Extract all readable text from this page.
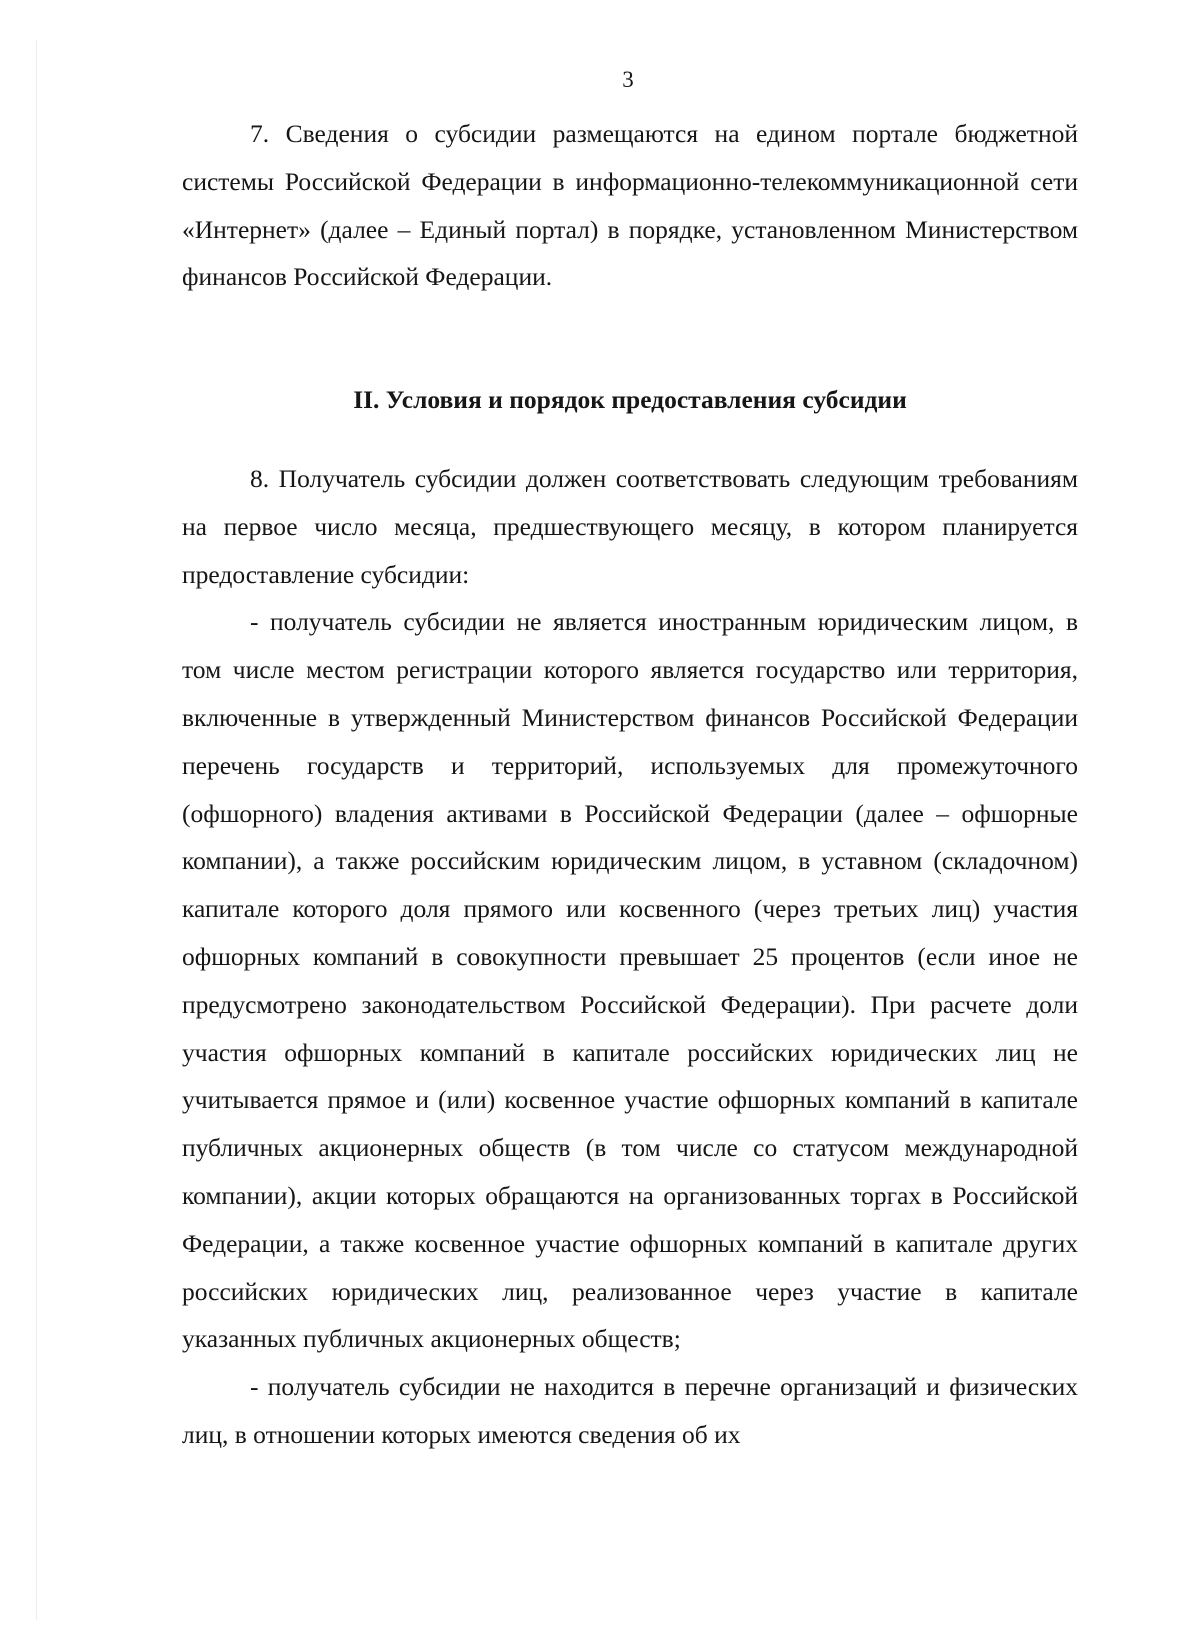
3

7. Сведения о субсидии размещаются на едином портале бюджетной системы Российской Федерации в информационно-телекоммуникационной сети «Интернет» (далее – Единый портал) в порядке, установленном Министерством финансов Российской Федерации.

II. Условия и порядок предоставления субсидии

8. Получатель субсидии должен соответствовать следующим требованиям на первое число месяца, предшествующего месяцу, в котором планируется предоставление субсидии:

- получатель субсидии не является иностранным юридическим лицом, в том числе местом регистрации которого является государство или территория, включенные в утвержденный Министерством финансов Российской Федерации перечень государств и территорий, используемых для промежуточного (офшорного) владения активами в Российской Федерации (далее – офшорные компании), а также российским юридическим лицом, в уставном (складочном) капитале которого доля прямого или косвенного (через третьих лиц) участия офшорных компаний в совокупности превышает 25 процентов (если иное не предусмотрено законодательством Российской Федерации). При расчете доли участия офшорных компаний в капитале российских юридических лиц не учитывается прямое и (или) косвенное участие офшорных компаний в капитале публичных акционерных обществ (в том числе со статусом международной компании), акции которых обращаются на организованных торгах в Российской Федерации, а также косвенное участие офшорных компаний в капитале других российских юридических лиц, реализованное через участие в капитале указанных публичных акционерных обществ;

- получатель субсидии не находится в перечне организаций и физических лиц, в отношении которых имеются сведения об их
